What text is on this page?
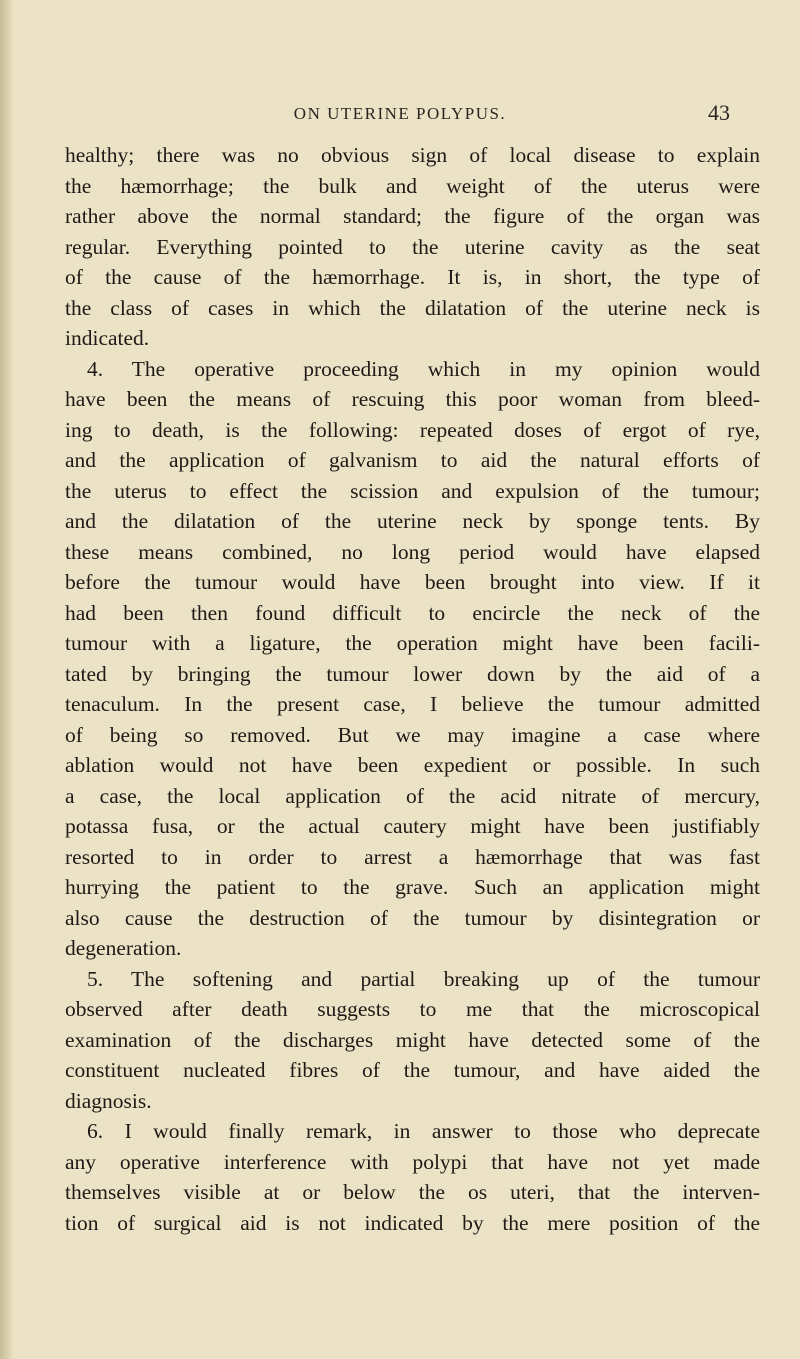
ON UTERINE POLYPUS.	43
healthy; there was no obvious sign of local disease to explain
the hæmorrhage; the bulk and weight of the uterus were
rather above the normal standard; the figure of the organ was
regular. Everything pointed to the uterine cavity as the seat
of the cause of the hæmorrhage. It is, in short, the type of
the class of cases in which the dilatation of the uterine neck is
indicated.
4. The operative proceeding which in my opinion would
have been the means of rescuing this poor woman from bleed-
ing to death, is the following: repeated doses of ergot of rye,
and the application of galvanism to aid the natural efforts of
the uterus to effect the scission and expulsion of the tumour;
and the dilatation of the uterine neck by sponge tents. By
these means combined, no long period would have elapsed
before the tumour would have been brought into view. If it
had been then found difficult to encircle the neck of the
tumour with a ligature, the operation might have been facili-
tated by bringing the tumour lower down by the aid of a
tenaculum. In the present case, I believe the tumour admitted
of being so removed. But we may imagine a case where
ablation would not have been expedient or possible. In such
a case, the local application of the acid nitrate of mercury,
potassa fusa, or the actual cautery might have been justifiably
resorted to in order to arrest a hæmorrhage that was fast
hurrying the patient to the grave. Such an application might
also cause the destruction of the tumour by disintegration or
degeneration.
5. The softening and partial breaking up of the tumour
observed after death suggests to me that the microscopical
examination of the discharges might have detected some of the
constituent nucleated fibres of the tumour, and have aided the
diagnosis.
6. I would finally remark, in answer to those who deprecate
any operative interference with polypi that have not yet made
themselves visible at or below the os uteri, that the interven-
tion of surgical aid is not indicated by the mere position of the
